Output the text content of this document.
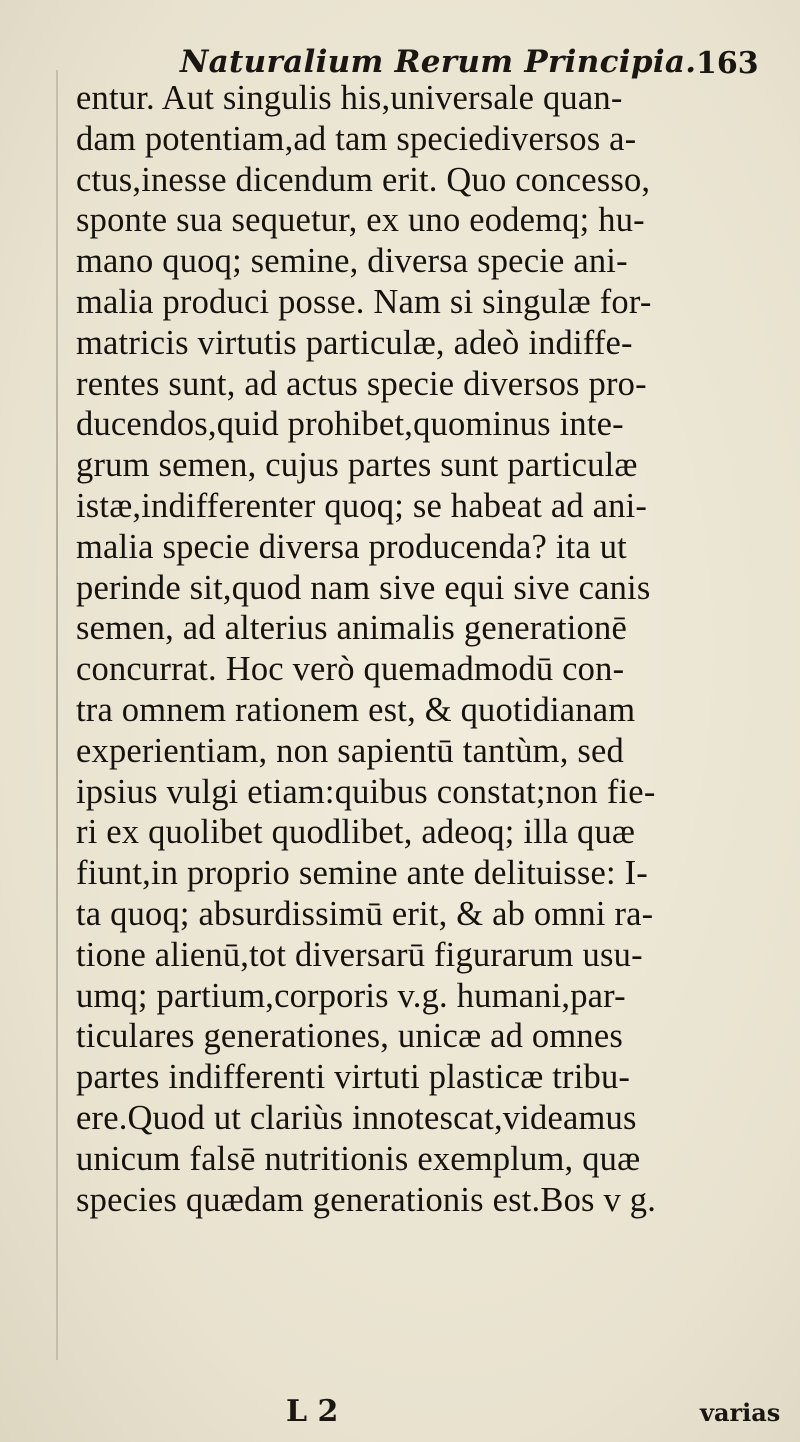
Naturalium Rerum Principia. 163
entur. Aut singulis his,universale quan-
dam potentiam,ad tam speciediversos a-
ctus,inesse dicendum erit. Quo concesso,
sponte sua sequetur, ex uno eodemq; hu-
mano quoq; semine, diversa specie ani-
malia produci posse. Nam si singulæ for-
matricis virtutis particulæ, adeò indiffe-
rentes sunt, ad actus specie diversos pro-
ducendos,quid prohibet,quominus inte-
grum semen, cujus partes sunt particulæ
istæ,indifferenter quoq; se habeat ad ani-
malia specie diversa producenda? ita ut
perinde sit,quod nam sive equi sive canis
semen, ad alterius animalis generationē
concurrat. Hoc verò quemadmodū con-
tra omnem rationem est, & quotidianam
experientiam, non sapientū tantùm, sed
ipsius vulgi etiam:quibus constat;non fie-
ri ex quolibet quodlibet, adeoq; illa quæ
fiunt,in proprio semine ante delituisse: I-
ta quoq; absurdissimū erit, & ab omni ra-
tione alienū,tot diversarū figurarum usu-
umq; partium,corporis v.g. humani,par-
ticulares generationes, unicæ ad omnes
partes indifferenti virtuti plasticæ tribu-
ere.Quod ut clariùs innotescat,videamus
unicum falsē nutritionis exemplum, quæ
species quædam generationis est.Bos v g.
L 2	varias
